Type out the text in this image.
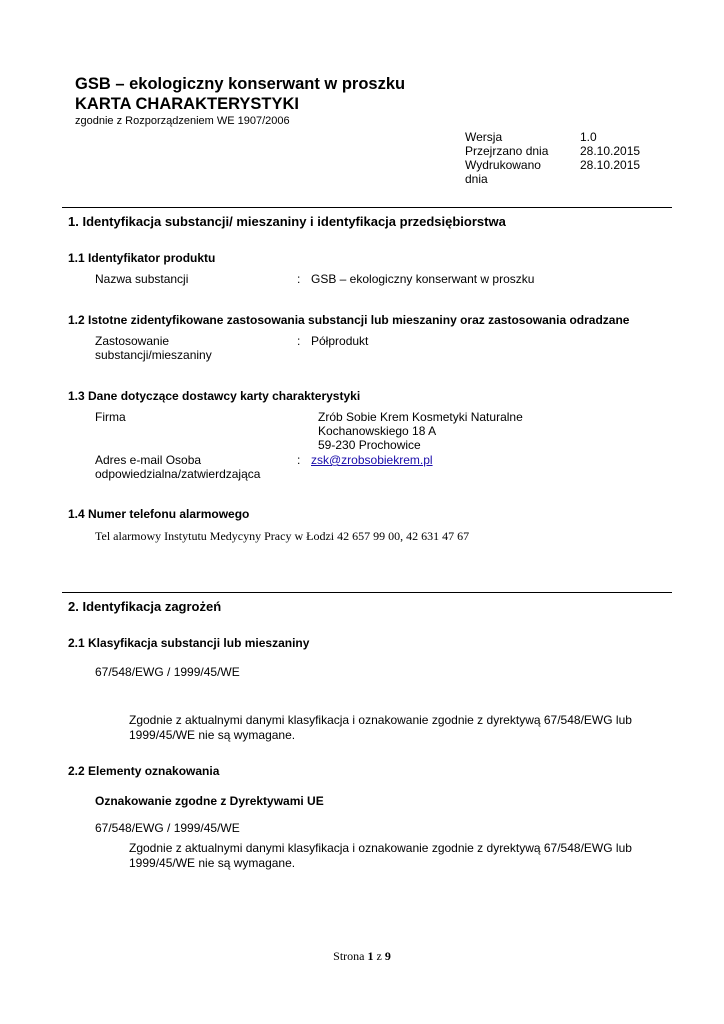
GSB – ekologiczny konserwant w proszku
KARTA CHARAKTERYSTYKI
zgodnie z Rozporządzeniem WE 1907/2006
Wersja	1.0
Przejrzano dnia	28.10.2015
Wydrukowano	28.10.2015
dnia
1. Identyfikacja substancji/ mieszaniny i identyfikacja przedsiębiorstwa
1.1 Identyfikator produktu
Nazwa substancji	: GSB – ekologiczny konserwant w proszku
1.2 Istotne zidentyfikowane zastosowania substancji lub mieszaniny oraz zastosowania odradzane
Zastosowanie
substancji/mieszaniny
: Półprodukt
1.3 Dane dotyczące dostawcy karty charakterystyki
Firma	Zrób Sobie Krem Kosmetyki Naturalne
Kochanowskiego 18 A
59-230 Prochowice
Adres e-mail Osoba
odpowiedzialna/zatwierdzająca
: zsk@zrobsobiekrem.pl
1.4 Numer telefonu alarmowego
Tel alarmowy Instytutu Medycyny Pracy w Łodzi 42 657 99 00, 42 631 47 67
2. Identyfikacja zagrożeń
2.1 Klasyfikacja substancji lub mieszaniny
67/548/EWG / 1999/45/WE
Zgodnie z aktualnymi danymi klasyfikacja i oznakowanie zgodnie z dyrektywą 67/548/EWG lub
1999/45/WE nie są wymagane.
2.2 Elementy oznakowania
Oznakowanie zgodne z Dyrektywami UE
67/548/EWG / 1999/45/WE
Zgodnie z aktualnymi danymi klasyfikacja i oznakowanie zgodnie z dyrektywą 67/548/EWG lub
1999/45/WE nie są wymagane.
Strona 1 z 9
